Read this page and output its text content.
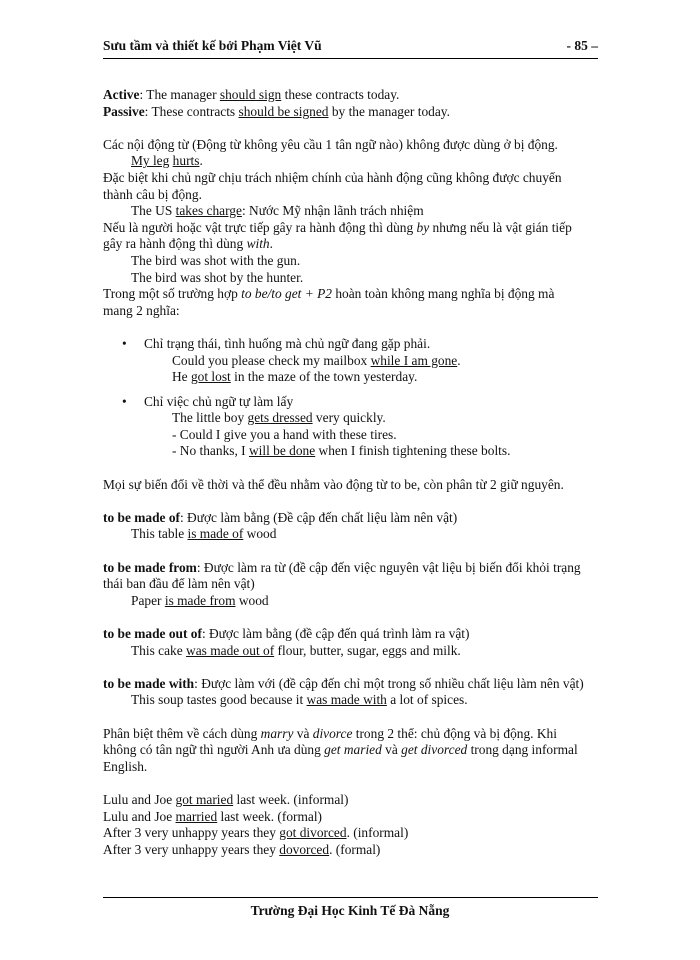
Sưu tầm và thiết kế bởi Phạm Việt Vũ	- 85 –
Active: The manager should sign these contracts today.
Passive: These contracts should be signed by the manager today.
Các nội động từ (Động từ không yêu cầu 1 tân ngữ nào) không được dùng ở bị động.
My leg hurts.
Đặc biệt khi chủ ngữ chịu trách nhiệm chính của hành động cũng không được chuyển
thành câu bị động.
The US takes charge: Nước Mỹ nhận lãnh trách nhiệm
Nếu là người hoặc vật trực tiếp gây ra hành động thì dùng by nhưng nếu là vật gián tiếp
gây ra hành động thì dùng with.
The bird was shot with the gun.
The bird was shot by the hunter.
Trong một số trường hợp to be/to get + P2 hoàn toàn không mang nghĩa bị động mà
mang 2 nghĩa:
• Chỉ trạng thái, tình huống mà chủ ngữ đang gặp phải.
Could you please check my mailbox while I am gone.
He got lost in the maze of the town yesterday.
• Chỉ việc chủ ngữ tự làm lấy
The little boy gets dressed very quickly.
- Could I give you a hand with these tires.
- No thanks, I will be done when I finish tightening these bolts.
Mọi sự biến đổi về thời và thể đều nhằm vào động từ to be, còn phân từ 2 giữ nguyên.
to be made of: Được làm bằng (Đề cập đến chất liệu làm nên vật)
This table is made of wood
to be made from: Được làm ra từ (đề cập đến việc nguyên vật liệu bị biến đổi khỏi trạng
thái ban đầu để làm nên vật)
Paper is made from wood
to be made out of: Được làm bằng (đề cập đến quá trình làm ra vật)
This cake was made out of flour, butter, sugar, eggs and milk.
to be made with: Được làm với (đề cập đến chỉ một trong số nhiều chất liệu làm nên vật)
This soup tastes good because it was made with a lot of spices.
Phân biệt thêm về cách dùng marry và divorce trong 2 thể: chủ động và bị động. Khi
không có tân ngữ thì người Anh ưa dùng get maried và get divorced trong dạng informal
English.
Lulu and Joe got maried last week. (informal)
Lulu and Joe married last week. (formal)
After 3 very unhappy years they got divorced. (informal)
After 3 very unhappy years they dovorced. (formal)
Trường Đại Học Kinh Tế Đà Nẵng
